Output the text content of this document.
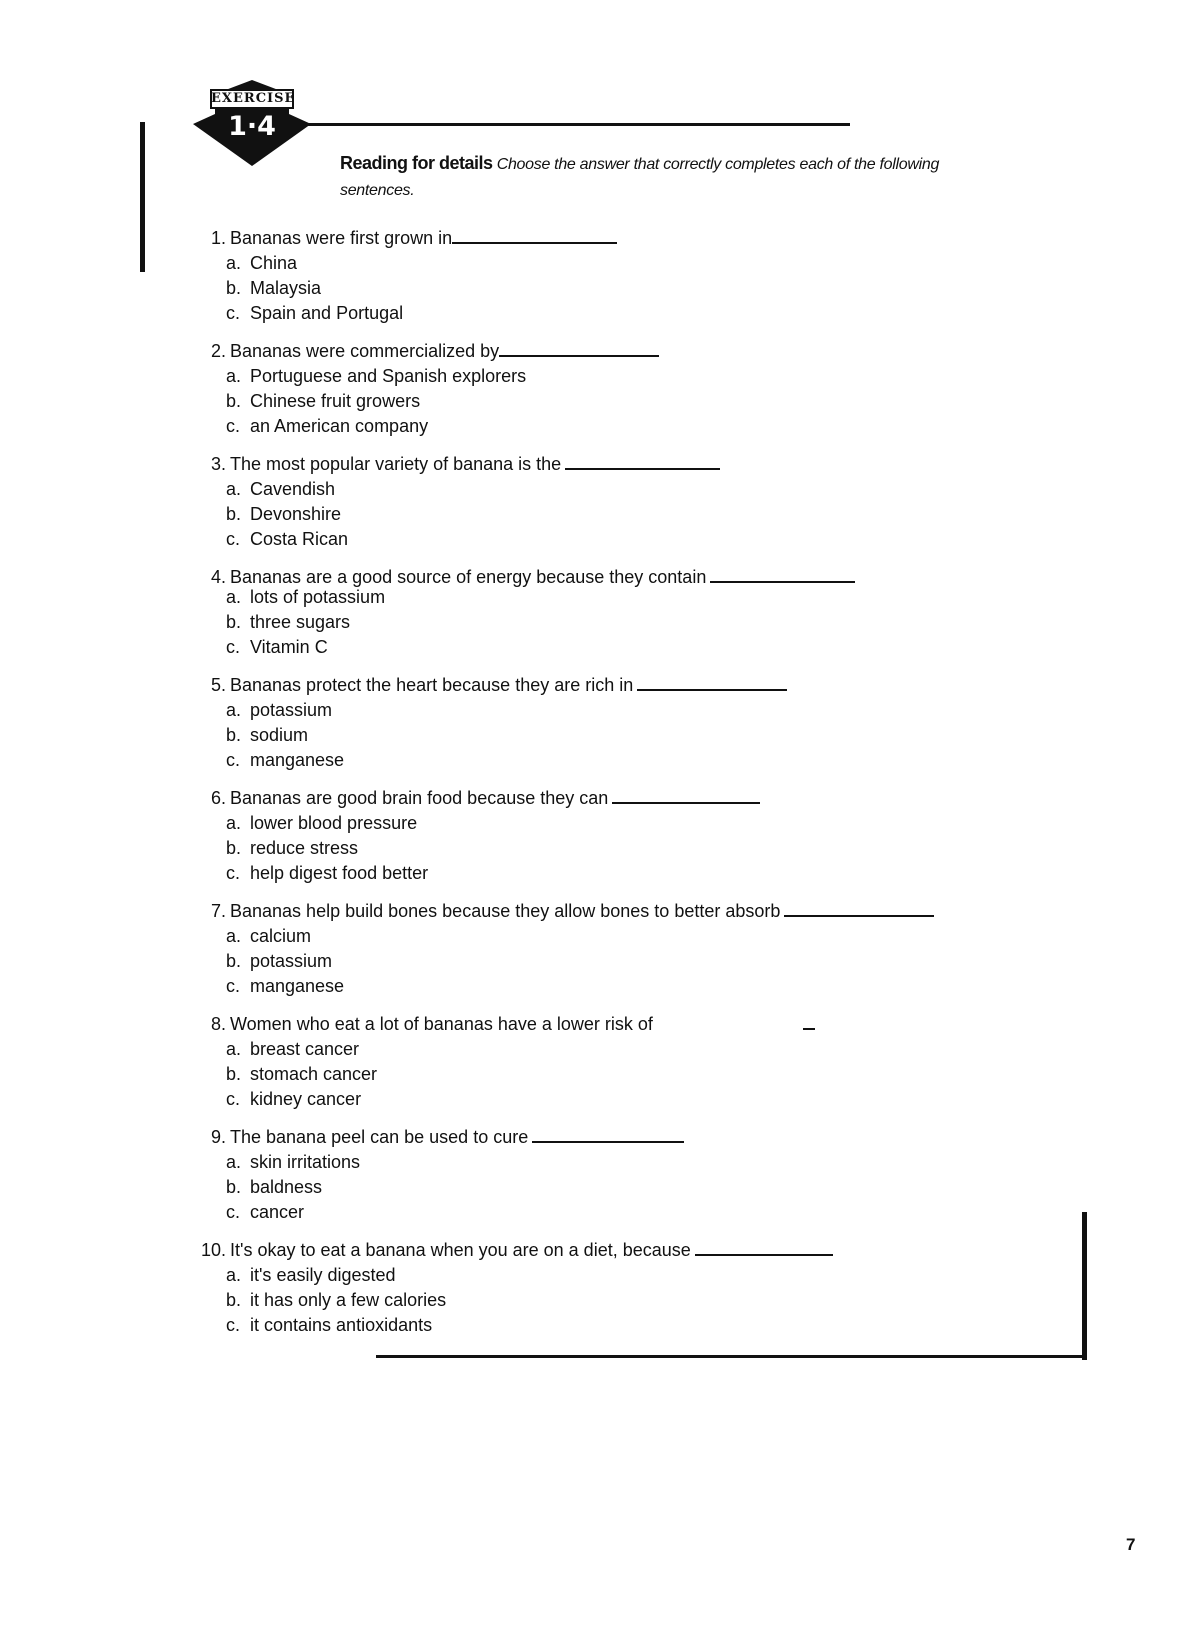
EXERCISE
1·4
Reading for details Choose the answer that correctly completes each of the following sentences.
1. Bananas were first grown in
a. China
b. Malaysia
c. Spain and Portugal
2. Bananas were commercialized by
a. Portuguese and Spanish explorers
b. Chinese fruit growers
c. an American company
3. The most popular variety of banana is the
a. Cavendish
b. Devonshire
c. Costa Rican
4. Bananas are a good source of energy because they contain
a. lots of potassium
b. three sugars
c. Vitamin C
5. Bananas protect the heart because they are rich in
a. potassium
b. sodium
c. manganese
6. Bananas are good brain food because they can
a. lower blood pressure
b. reduce stress
c. help digest food better
7. Bananas help build bones because they allow bones to better absorb
a. calcium
b. potassium
c. manganese
8. Women who eat a lot of bananas have a lower risk of
a. breast cancer
b. stomach cancer
c. kidney cancer
9. The banana peel can be used to cure
a. skin irritations
b. baldness
c. cancer
10. It's okay to eat a banana when you are on a diet, because
a. it's easily digested
b. it has only a few calories
c. it contains antioxidants
7
